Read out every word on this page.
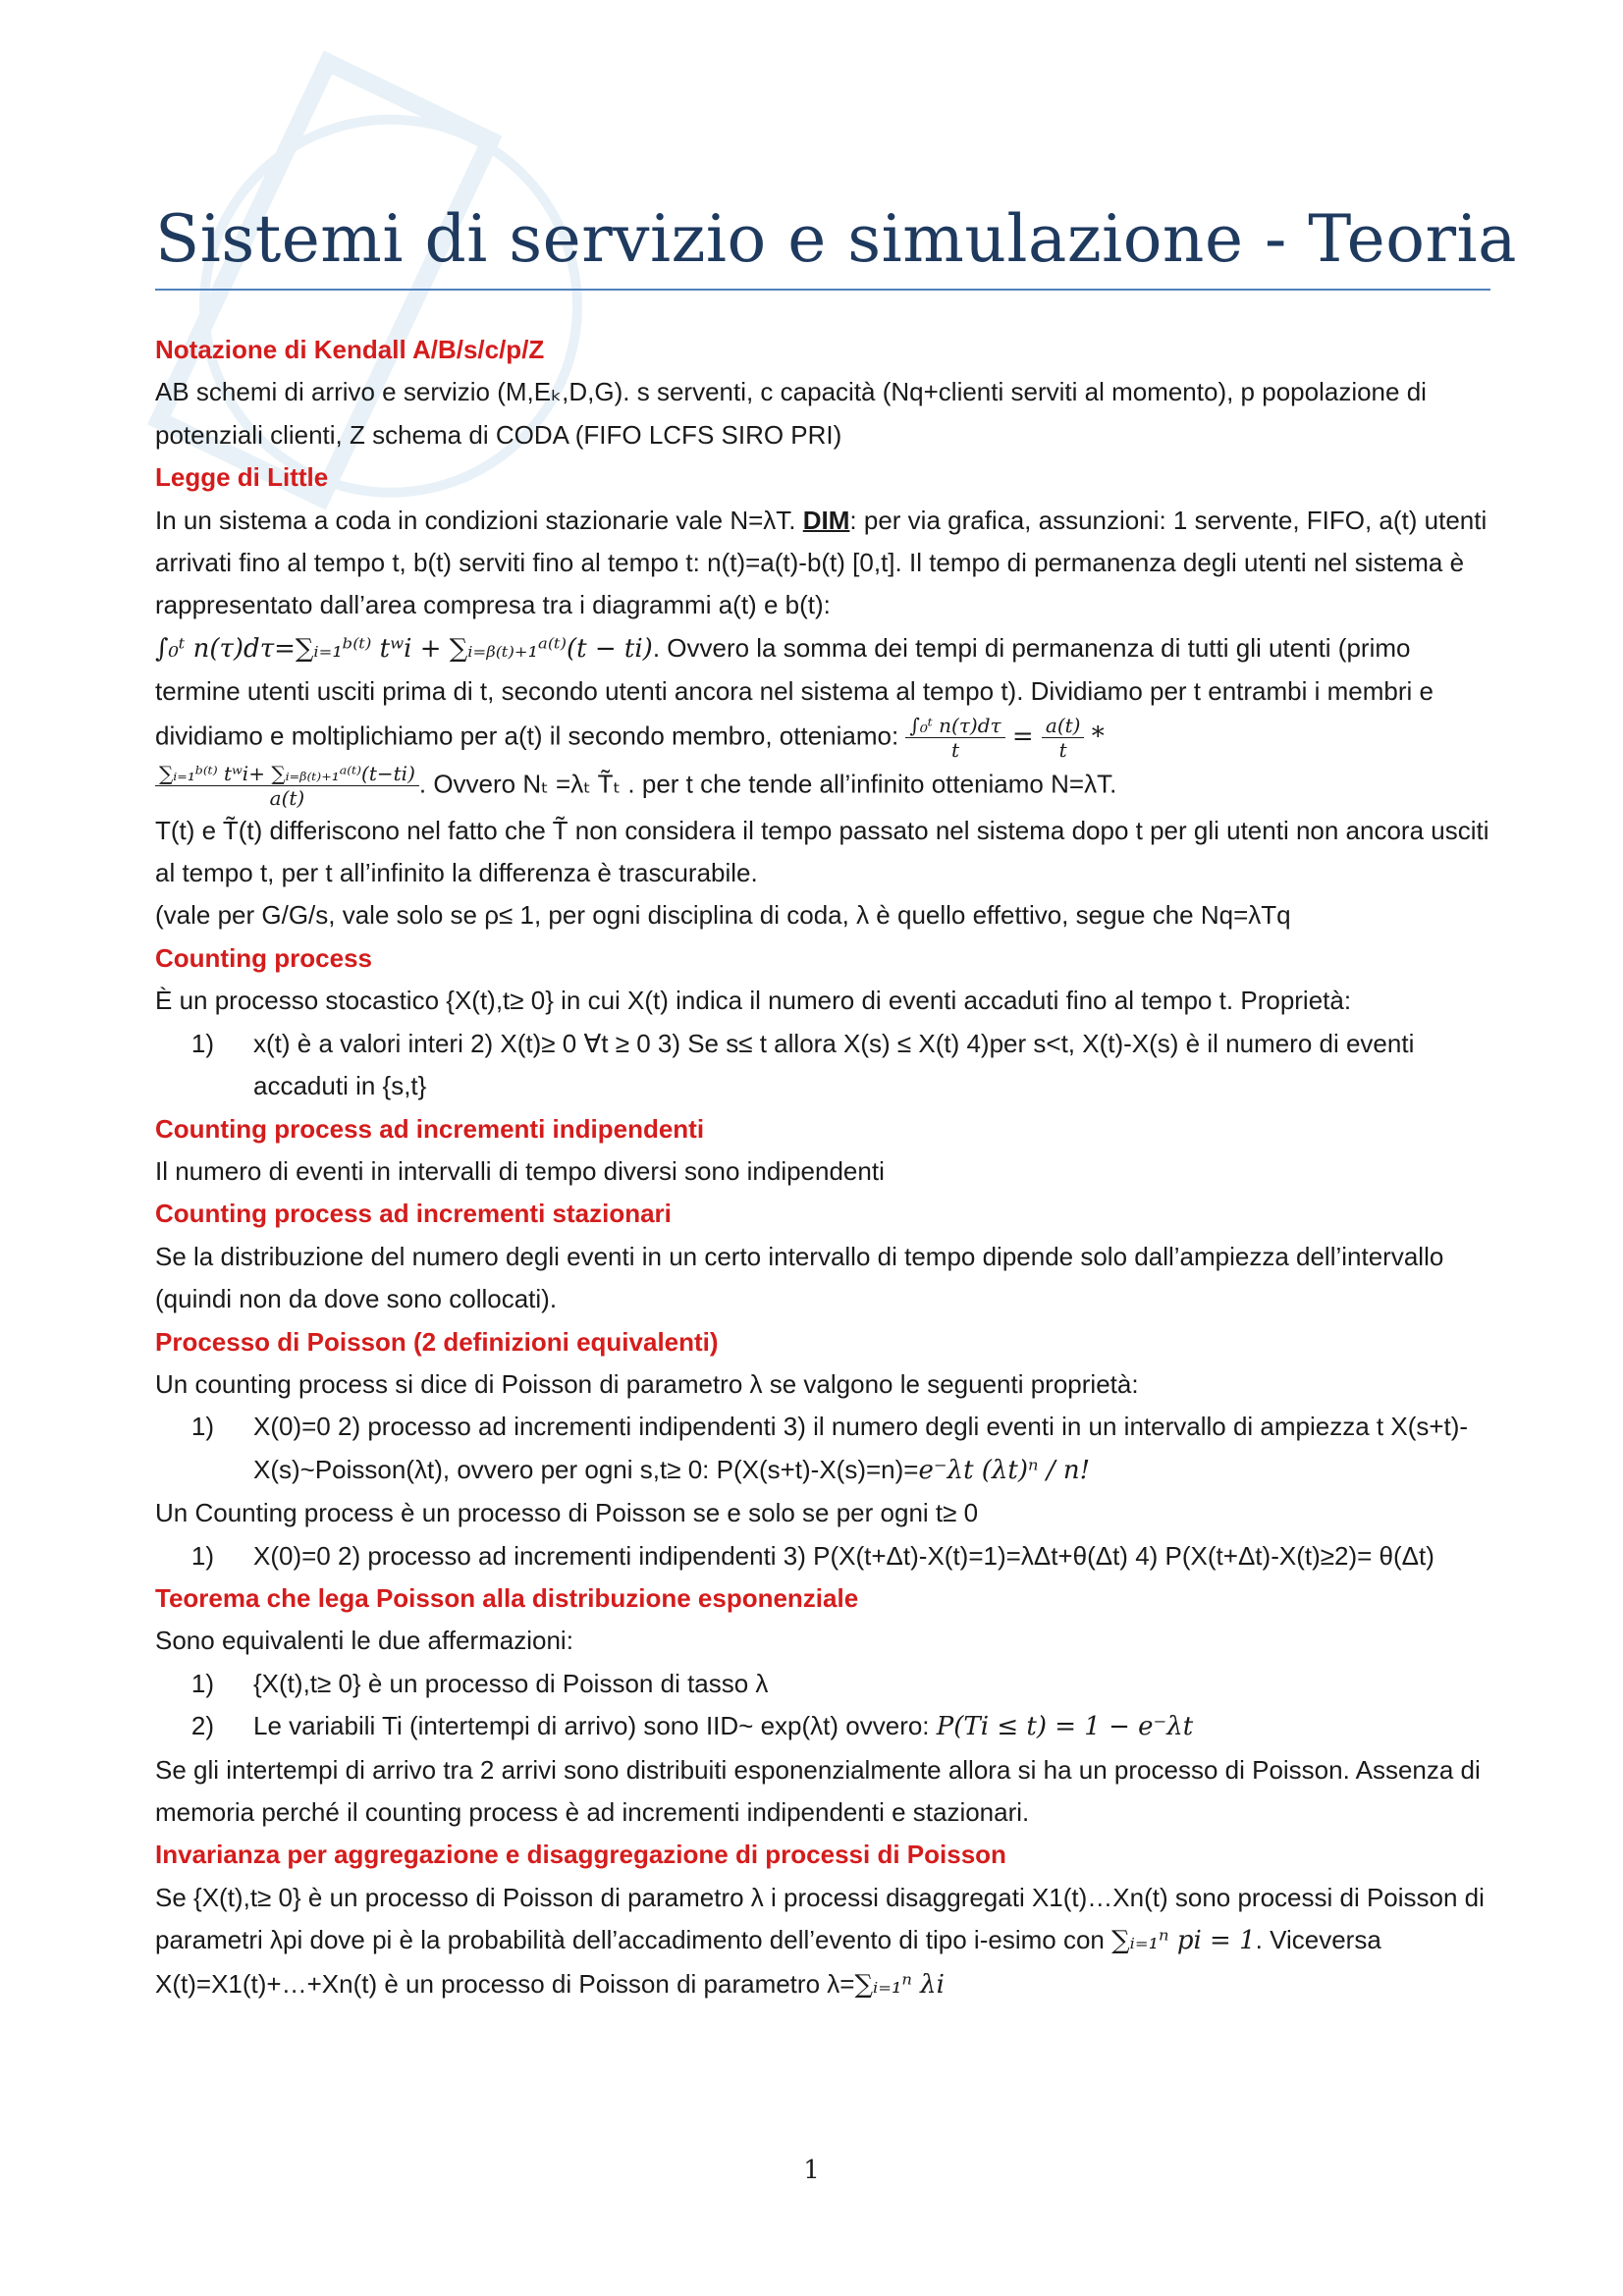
Sistemi di servizio e simulazione - Teoria

Notazione di Kendall A/B/s/c/p/Z

AB schemi di arrivo e servizio (M,Eₖ,D,G). s serventi, c capacità (Nq+clienti serviti al momento), p popolazione di potenziali clienti, Z schema di CODA (FIFO LCFS SIRO PRI)

Legge di Little

In un sistema a coda in condizioni stazionarie vale N=λT. DIM: per via grafica, assunzioni: 1 servente, FIFO, a(t) utenti arrivati fino al tempo t, b(t) serviti fino al tempo t: n(t)=a(t)-b(t) [0,t]. Il tempo di permanenza degli utenti nel sistema è rappresentato dall’area compresa tra i diagrammi a(t) e b(t):

∫₀ᵗ n(τ)dτ=∑ᵢ₌₁ᵇ⁽ᵗ⁾ tʷi + ∑ᵢ₌ᵦ₍ₜ₎₊₁ᵃ⁽ᵗ⁾(t − ti). Ovvero la somma dei tempi di permanenza di tutti gli utenti (primo termine utenti usciti prima di t, secondo utenti ancora nel sistema al tempo t). Dividiamo per t entrambi i membri e dividiamo e moltiplichiamo per a(t) il secondo membro, otteniamo: $\frac{\text{∫₀ᵗ n(τ)dτ}}{t} = \frac{a(t)}{t}$ *

$\frac{\text{∑ᵢ₌₁ᵇ⁽ᵗ⁾ tʷi+ ∑ᵢ₌ᵦ₍ₜ₎₊₁ᵃ⁽ᵗ⁾(t−ti)}}{a(t)}$ . Ovvero Nₜ =λₜ T̃ₜ . per t che tende all’infinito otteniamo N=λT.

T(t) e T̃(t) differiscono nel fatto che T̃ non considera il tempo passato nel sistema dopo t per gli utenti non ancora usciti al tempo t, per t all’infinito la differenza è trascurabile.

(vale per G/G/s, vale solo se ρ≤ 1, per ogni disciplina di coda, λ è quello effettivo, segue che Nq=λTq

Counting process

È un processo stocastico {X(t),t≥ 0} in cui X(t) indica il numero di eventi accaduti fino al tempo t. Proprietà:

1)	x(t) è a valori interi 2) X(t)≥ 0 ∀t ≥ 0 3) Se s≤ t allora X(s) ≤ X(t) 4)per s<t, X(t)-X(s) è il numero di eventi accaduti in {s,t}

Counting process ad incrementi indipendenti

Il numero di eventi in intervalli di tempo diversi sono indipendenti

Counting process ad incrementi stazionari

Se la distribuzione del numero degli eventi in un certo intervallo di tempo dipende solo dall’ampiezza dell’intervallo (quindi non da dove sono collocati).

Processo di Poisson (2 definizioni equivalenti)

Un counting process si dice di Poisson di parametro λ se valgono le seguenti proprietà:

1)	X(0)=0 2) processo ad incrementi indipendenti 3) il numero degli eventi in un intervallo di ampiezza t X(s+t)-X(s)~Poisson(λt), ovvero per ogni s,t≥ 0: P(X(s+t)-X(s)=n)=e⁻λt (λt)ⁿ / n!

Un Counting process è un processo di Poisson se e solo se per ogni t≥ 0

1)	X(0)=0 2) processo ad incrementi indipendenti 3) P(X(t+Δt)-X(t)=1)=λΔt+θ(Δt) 4) P(X(t+Δt)-X(t)≥2)= θ(Δt)

Teorema che lega Poisson alla distribuzione esponenziale

Sono equivalenti le due affermazioni:

1)	{X(t),t≥ 0} è un processo di Poisson di tasso λ
2)	Le variabili Ti (intertempi di arrivo) sono IID~ exp(λt) ovvero: P(Ti ≤ t) = 1 − e⁻λt

Se gli intertempi di arrivo tra 2 arrivi sono distribuiti esponenzialmente allora si ha un processo di Poisson. Assenza di memoria perché il counting process è ad incrementi indipendenti e stazionari.

Invarianza per aggregazione e disaggregazione di processi di Poisson

Se {X(t),t≥ 0} è un processo di Poisson di parametro λ i processi disaggregati X1(t)…Xn(t) sono processi di Poisson di parametri λpi dove pi è la probabilità dell’accadimento dell’evento di tipo i-esimo con ∑ᵢ₌₁ⁿ pi = 1. Viceversa X(t)=X1(t)+…+Xn(t) è un processo di Poisson di parametro λ=∑ᵢ₌₁ⁿ λi

1
